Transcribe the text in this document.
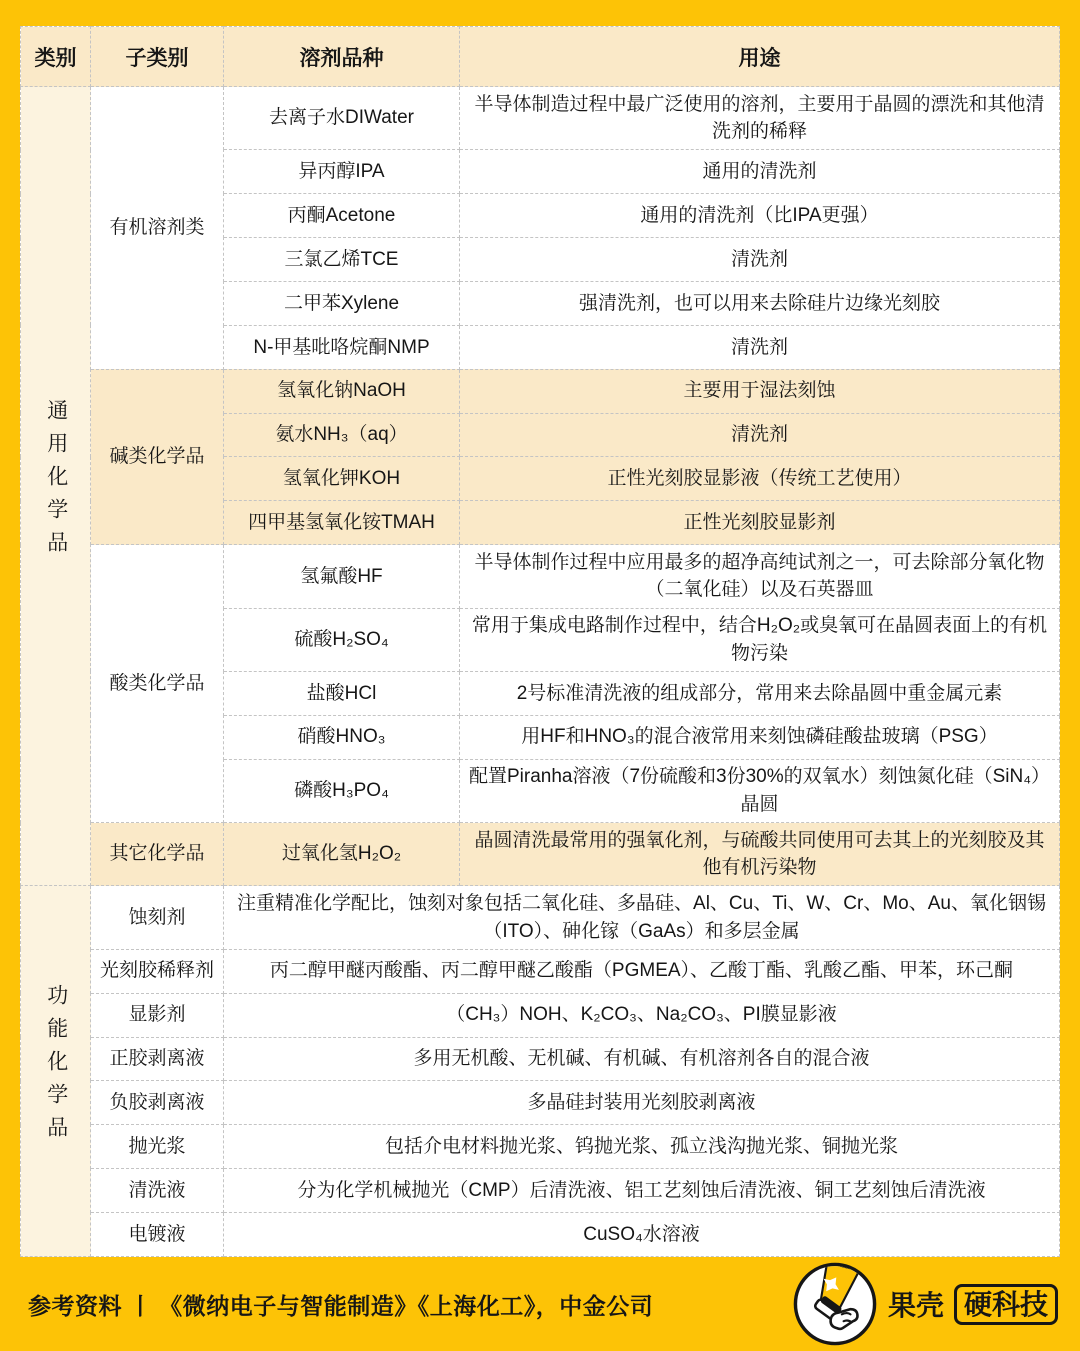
类别	子类别	溶剂品种	用途
通用化学品	有机溶剂类	去离子水DIWater	半导体制造过程中最广泛使用的溶剂，主要用于晶圆的漂洗和其他清洗剂的稀释
		异丙醇IPA	通用的清洗剂
		丙酮Acetone	通用的清洗剂（比IPA更强）
		三氯乙烯TCE	清洗剂
		二甲苯Xylene	强清洗剂，也可以用来去除硅片边缘光刻胶
		N-甲基吡咯烷酮NMP	清洗剂
	碱类化学品	氢氧化钠NaOH	主要用于湿法刻蚀
		氨水NH₃（aq）	清洗剂
		氢氧化钾KOH	正性光刻胶显影液（传统工艺使用）
		四甲基氢氧化铵TMAH	正性光刻胶显影剂
	酸类化学品	氢氟酸HF	半导体制作过程中应用最多的超净高纯试剂之一，可去除部分氧化物（二氧化硅）以及石英器皿
		硫酸H₂SO₄	常用于集成电路制作过程中，结合H₂O₂或臭氧可在晶圆表面上的有机物污染
		盐酸HCl	2号标准清洗液的组成部分，常用来去除晶圆中重金属元素
		硝酸HNO₃	用HF和HNO₃的混合液常用来刻蚀磷硅酸盐玻璃（PSG）
		磷酸H₃PO₄	配置Piranha溶液（7份硫酸和3份30%的双氧水）刻蚀氮化硅（SiN₄）晶圆
	其它化学品	过氧化氢H₂O₂	晶圆清洗最常用的强氧化剂，与硫酸共同使用可去其上的光刻胶及其他有机污染物
功能化学品	蚀刻剂	注重精准化学配比，蚀刻对象包括二氧化硅、多晶硅、Al、Cu、Ti、W、Cr、Mo、Au、氧化铟锡（ITO）、砷化镓（GaAs）和多层金属	
	光刻胶稀释剂	丙二醇甲醚丙酸酯、丙二醇甲醚乙酸酯（PGMEA）、乙酸丁酯、乳酸乙酯、甲苯，环己酮	
	显影剂	（CH₃）NOH、K₂CO₃、Na₂CO₃、PI膜显影液	
	正胶剥离液	多用无机酸、无机碱、有机碱、有机溶剂各自的混合液	
	负胶剥离液	多晶硅封装用光刻胶剥离液	
	抛光浆	包括介电材料抛光浆、钨抛光浆、孤立浅沟抛光浆、铜抛光浆	
	清洗液	分为化学机械抛光（CMP）后清洗液、铝工艺刻蚀后清洗液、铜工艺刻蚀后清洗液	
	电镀液	CuSO₄水溶液	
参考资料 丨 《微纳电子与智能制造》《上海化工》，中金公司	果壳 硬科技
